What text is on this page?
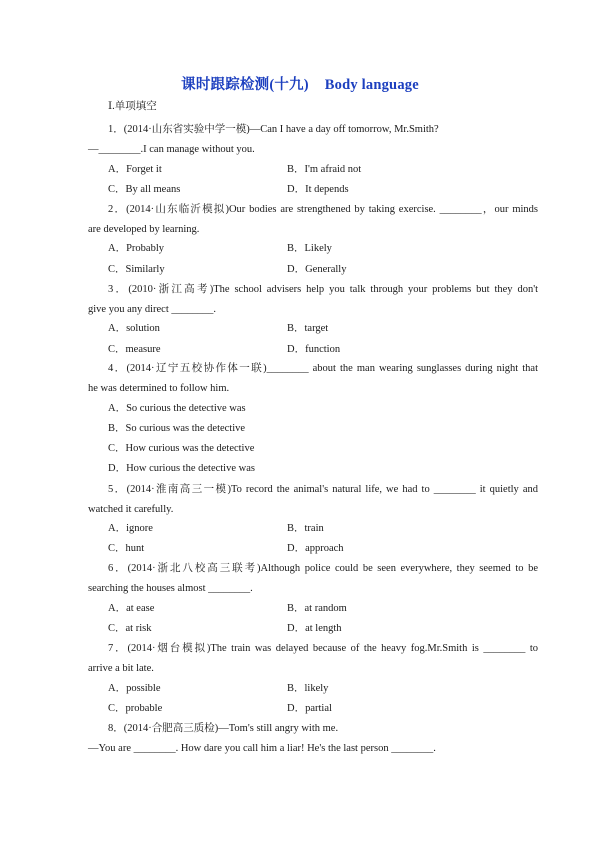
课时跟踪检测(十九) Body language
Ⅰ.单项填空
1．(2014·山东省实验中学一模)—Can I have a day off tomorrow, Mr.Smith?
—________.I can manage without you.
A．Forget it	B．I'm afraid not
C．By all means	D．It depends
2．(2014·山东临沂模拟)Our bodies are strengthened by taking exercise. ________，our minds
are developed by learning.
A．Probably	B．Likely
C．Similarly	D．Generally
3．(2010·浙江高考)The school advisers help you talk through your problems but they don't
give you any direct ________.
A．solution	B．target
C．measure	D．function
4．(2014·辽宁五校协作体一联)________ about the man wearing sunglasses during night that
he was determined to follow him.
A．So curious the detective was
B．So curious was the detective
C．How curious was the detective
D．How curious the detective was
5．(2014·淮南高三一模)To record the animal's natural life, we had to ________ it quietly and
watched it carefully.
A．ignore	B．train
C．hunt	D．approach
6．(2014·浙北八校高三联考)Although police could be seen everywhere, they seemed to be
searching the houses almost ________.
A．at ease	B．at random
C．at risk	D．at length
7．(2014·烟台模拟)The train was delayed because of the heavy fog.Mr.Smith is ________ to
arrive a bit late.
A．possible	B．likely
C．probable	D．partial
8．(2014·合肥高三质检)—Tom's still angry with me.
—You are ________. How dare you call him a liar! He's the last person ________.
